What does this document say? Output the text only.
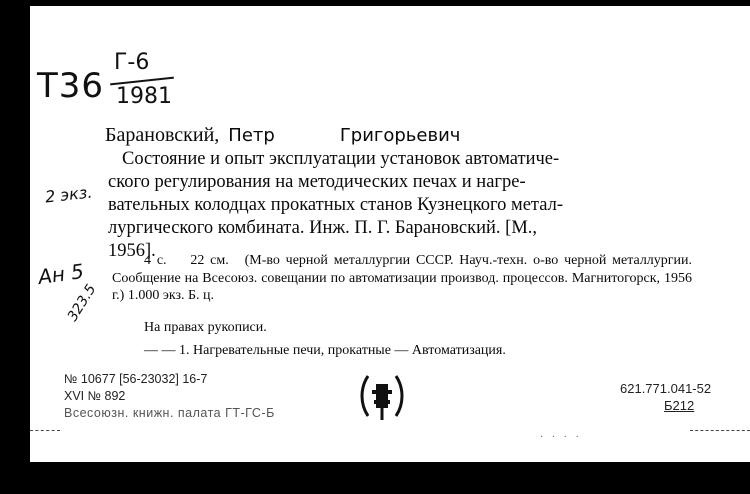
Т36
Г-6
1981
2 экз.
Ан 5
323.5
Барановский, Петр	Григорьевич
Состояние и опыт эксплуатации установок автоматиче-
ского регулирования на методических печах и нагре-
вательных колодцах прокатных станов Кузнецкого метал-
лургического комбината. Инж. П. Г. Барановский. [М.,
1956].

4 с. 22 см. (М-во черной металлургии СССР. Науч.-техн. о-во черной металлургии. Сообщение на Всесоюз. совещании по автоматизации производ. процессов. Магнитогорск, 1956 г.) 1.000 экз. Б. ц.

На правах рукописи.
— — 1. Нагревательные печи, прокатные — Автоматизация.
№ 10677 [56-23032] 16-7
XVI № 892
Всесоюзн. книжн. палата ГТ-ГС-Б
621.771.041-52
Б212
· · · ·
